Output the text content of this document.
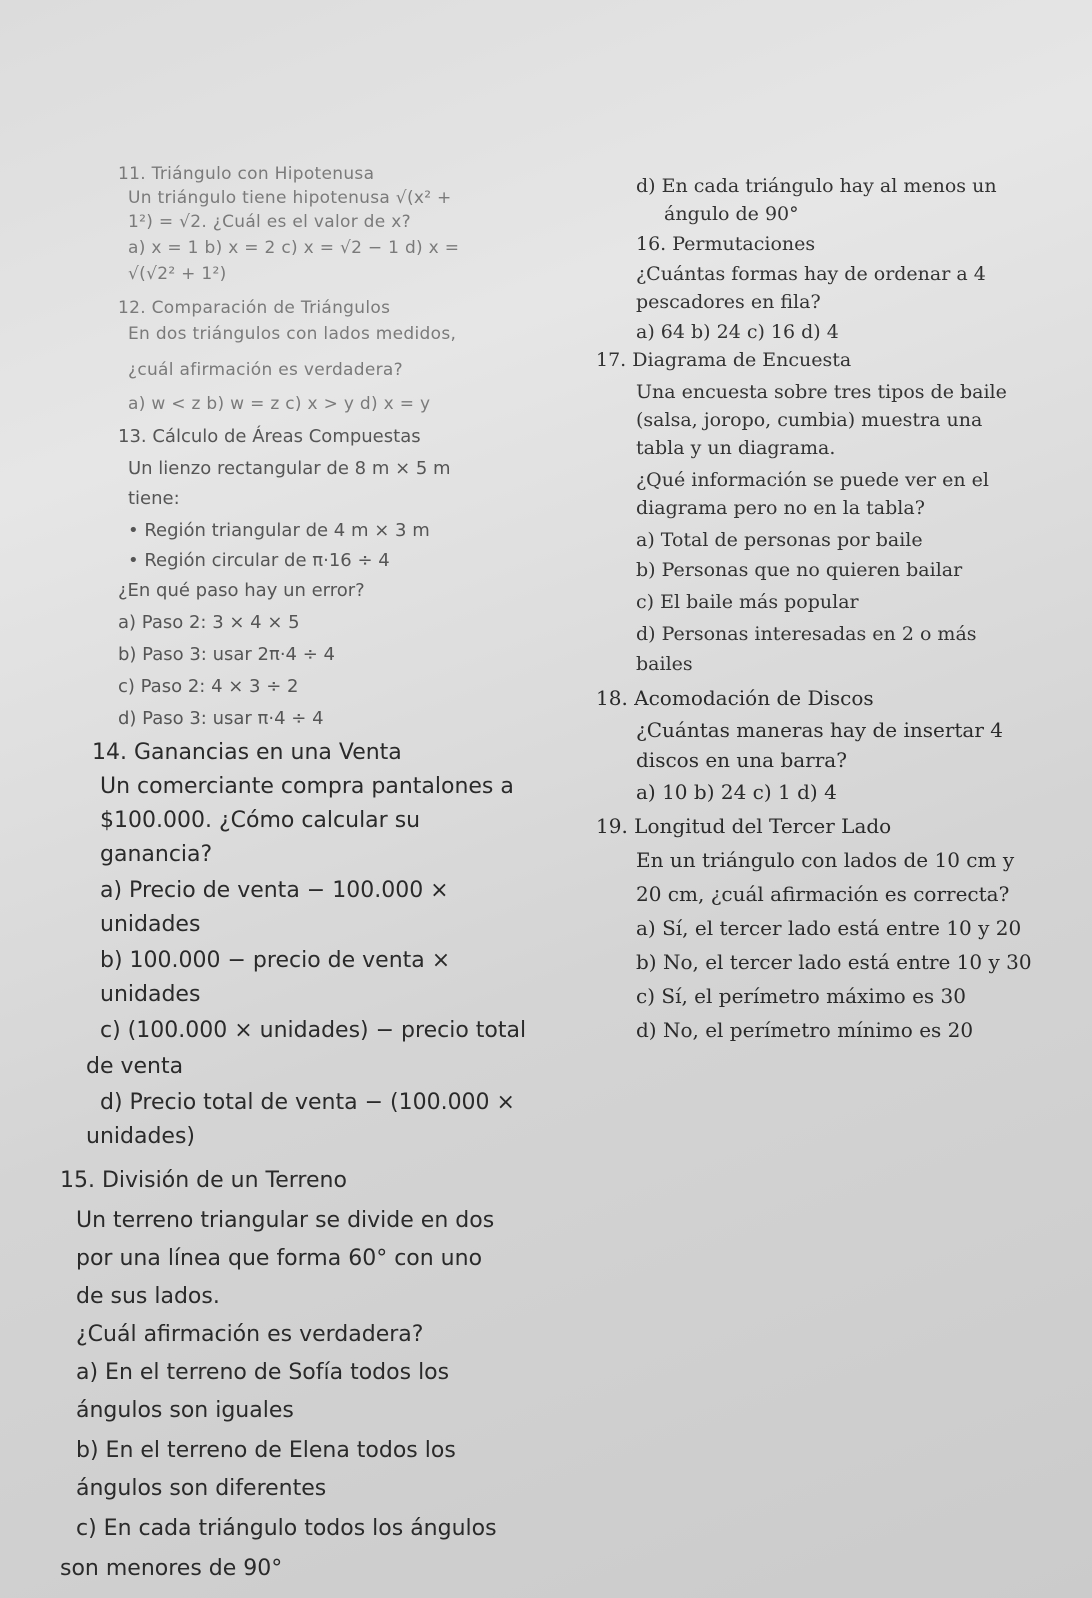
11. Triángulo con Hipotenusa
Un triángulo tiene hipotenusa √(x² +
1²) = √2. ¿Cuál es el valor de x?
a) x = 1 b) x = 2 c) x = √2 − 1 d) x =
√(√2² + 1²)
12. Comparación de Triángulos
En dos triángulos con lados medidos,
¿cuál afirmación es verdadera?
a) w < z b) w = z c) x > y d) x = y
13. Cálculo de Áreas Compuestas
Un lienzo rectangular de 8 m × 5 m
tiene:
• Región triangular de 4 m × 3 m
• Región circular de π·16 ÷ 4
¿En qué paso hay un error?
a) Paso 2: 3 × 4 × 5
b) Paso 3: usar 2π·4 ÷ 4
c) Paso 2: 4 × 3 ÷ 2
d) Paso 3: usar π·4 ÷ 4
14. Ganancias en una Venta
Un comerciante compra pantalones a
$100.000. ¿Cómo calcular su
ganancia?
a) Precio de venta − 100.000 ×
unidades
b) 100.000 − precio de venta ×
unidades
c) (100.000 × unidades) − precio total
de venta
d) Precio total de venta − (100.000 ×
unidades)
15. División de un Terreno
Un terreno triangular se divide en dos
por una línea que forma 60° con uno
de sus lados.
¿Cuál afirmación es verdadera?
a) En el terreno de Sofía todos los
ángulos son iguales
b) En el terreno de Elena todos los
ángulos son diferentes
c) En cada triángulo todos los ángulos
son menores de 90°
d) En cada triángulo hay al menos un
ángulo de 90°
16. Permutaciones
¿Cuántas formas hay de ordenar a 4
pescadores en fila?
a) 64 b) 24 c) 16 d) 4
17. Diagrama de Encuesta
Una encuesta sobre tres tipos de baile
(salsa, joropo, cumbia) muestra una
tabla y un diagrama.
¿Qué información se puede ver en el
diagrama pero no en la tabla?
a) Total de personas por baile
b) Personas que no quieren bailar
c) El baile más popular
d) Personas interesadas en 2 o más
bailes
18. Acomodación de Discos
¿Cuántas maneras hay de insertar 4
discos en una barra?
a) 10 b) 24 c) 1 d) 4
19. Longitud del Tercer Lado
En un triángulo con lados de 10 cm y
20 cm, ¿cuál afirmación es correcta?
a) Sí, el tercer lado está entre 10 y 20
b) No, el tercer lado está entre 10 y 30
c) Sí, el perímetro máximo es 30
d) No, el perímetro mínimo es 20
